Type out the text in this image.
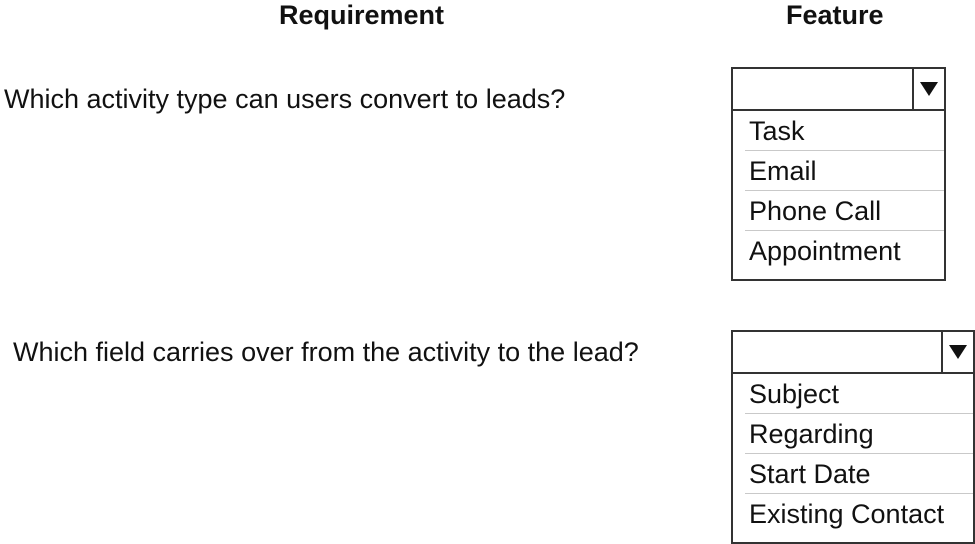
Requirement	Feature
Which activity type can users convert to leads?
Task
Email
Phone Call
Appointment
Which field carries over from the activity to the lead?
Subject
Regarding
Start Date
Existing Contact
